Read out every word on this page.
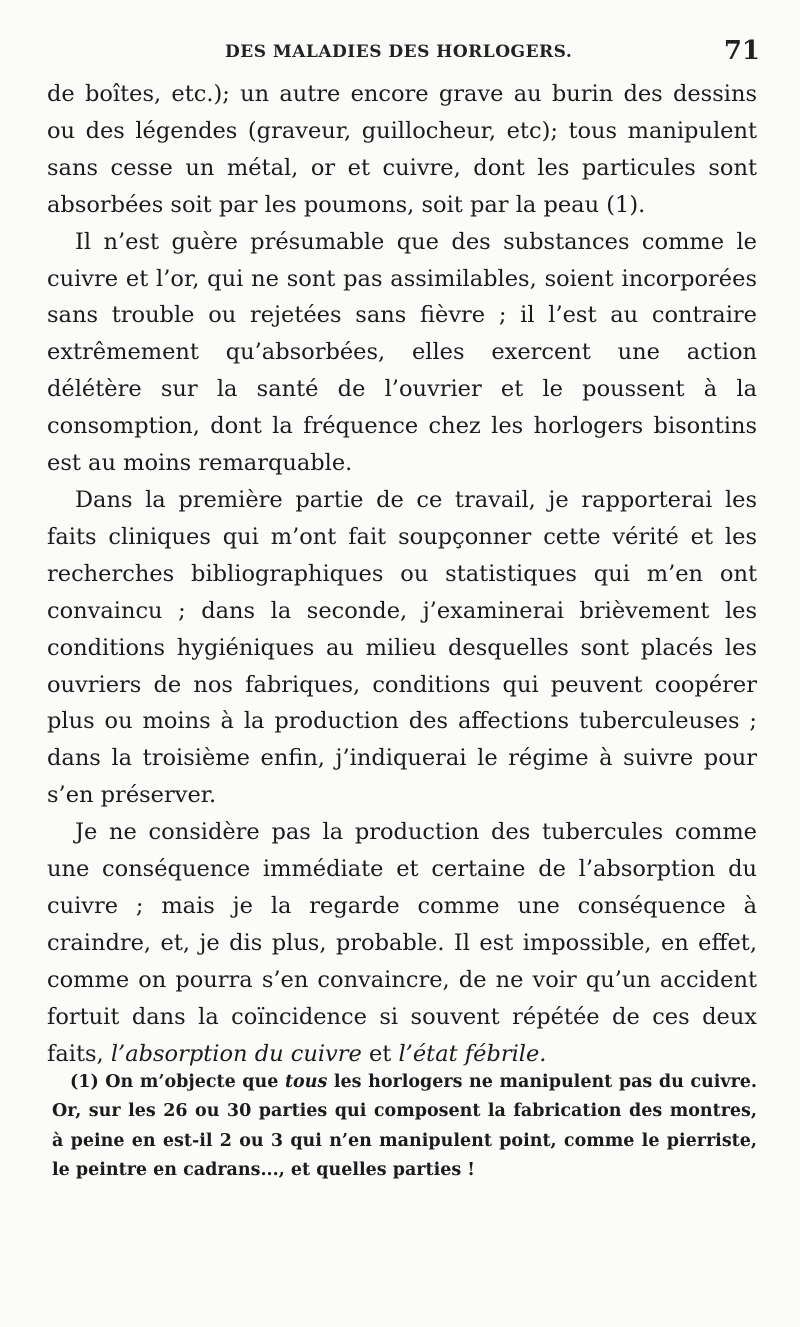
DES MALADIES DES HORLOGERS.	71

de boîtes, etc.); un autre encore grave au burin des dessins ou des légendes (graveur, guillocheur, etc); tous manipulent sans cesse un métal, or et cuivre, dont les particules sont absorbées soit par les poumons, soit par la peau (1).

Il n’est guère présumable que des substances comme le cuivre et l’or, qui ne sont pas assimilables, soient incorporées sans trouble ou rejetées sans fièvre ; il l’est au contraire extrêmement qu’absorbées, elles exercent une action délétère sur la santé de l’ouvrier et le poussent à la consomption, dont la fréquence chez les horlogers bisontins est au moins remarquable.

Dans la première partie de ce travail, je rapporterai les faits cliniques qui m’ont fait soupçonner cette vérité et les recherches bibliographiques ou statistiques qui m’en ont convaincu ; dans la seconde, j’examinerai brièvement les conditions hygiéniques au milieu desquelles sont placés les ouvriers de nos fabriques, conditions qui peuvent coopérer plus ou moins à la production des affections tuberculeuses ; dans la troisième enfin, j’indiquerai le régime à suivre pour s’en préserver.

Je ne considère pas la production des tubercules comme une conséquence immédiate et certaine de l’absorption du cuivre ; mais je la regarde comme une conséquence à craindre, et, je dis plus, probable. Il est impossible, en effet, comme on pourra s’en convaincre, de ne voir qu’un accident fortuit dans la coïncidence si souvent répétée de ces deux faits, l’absorption du cuivre et l’état fébrile.

(1) On m’objecte que tous les horlogers ne manipulent pas du cuivre. Or, sur les 26 ou 30 parties qui composent la fabrication des montres, à peine en est-il 2 ou 3 qui n’en manipulent point, comme le pierriste, le peintre en cadrans..., et quelles parties !
